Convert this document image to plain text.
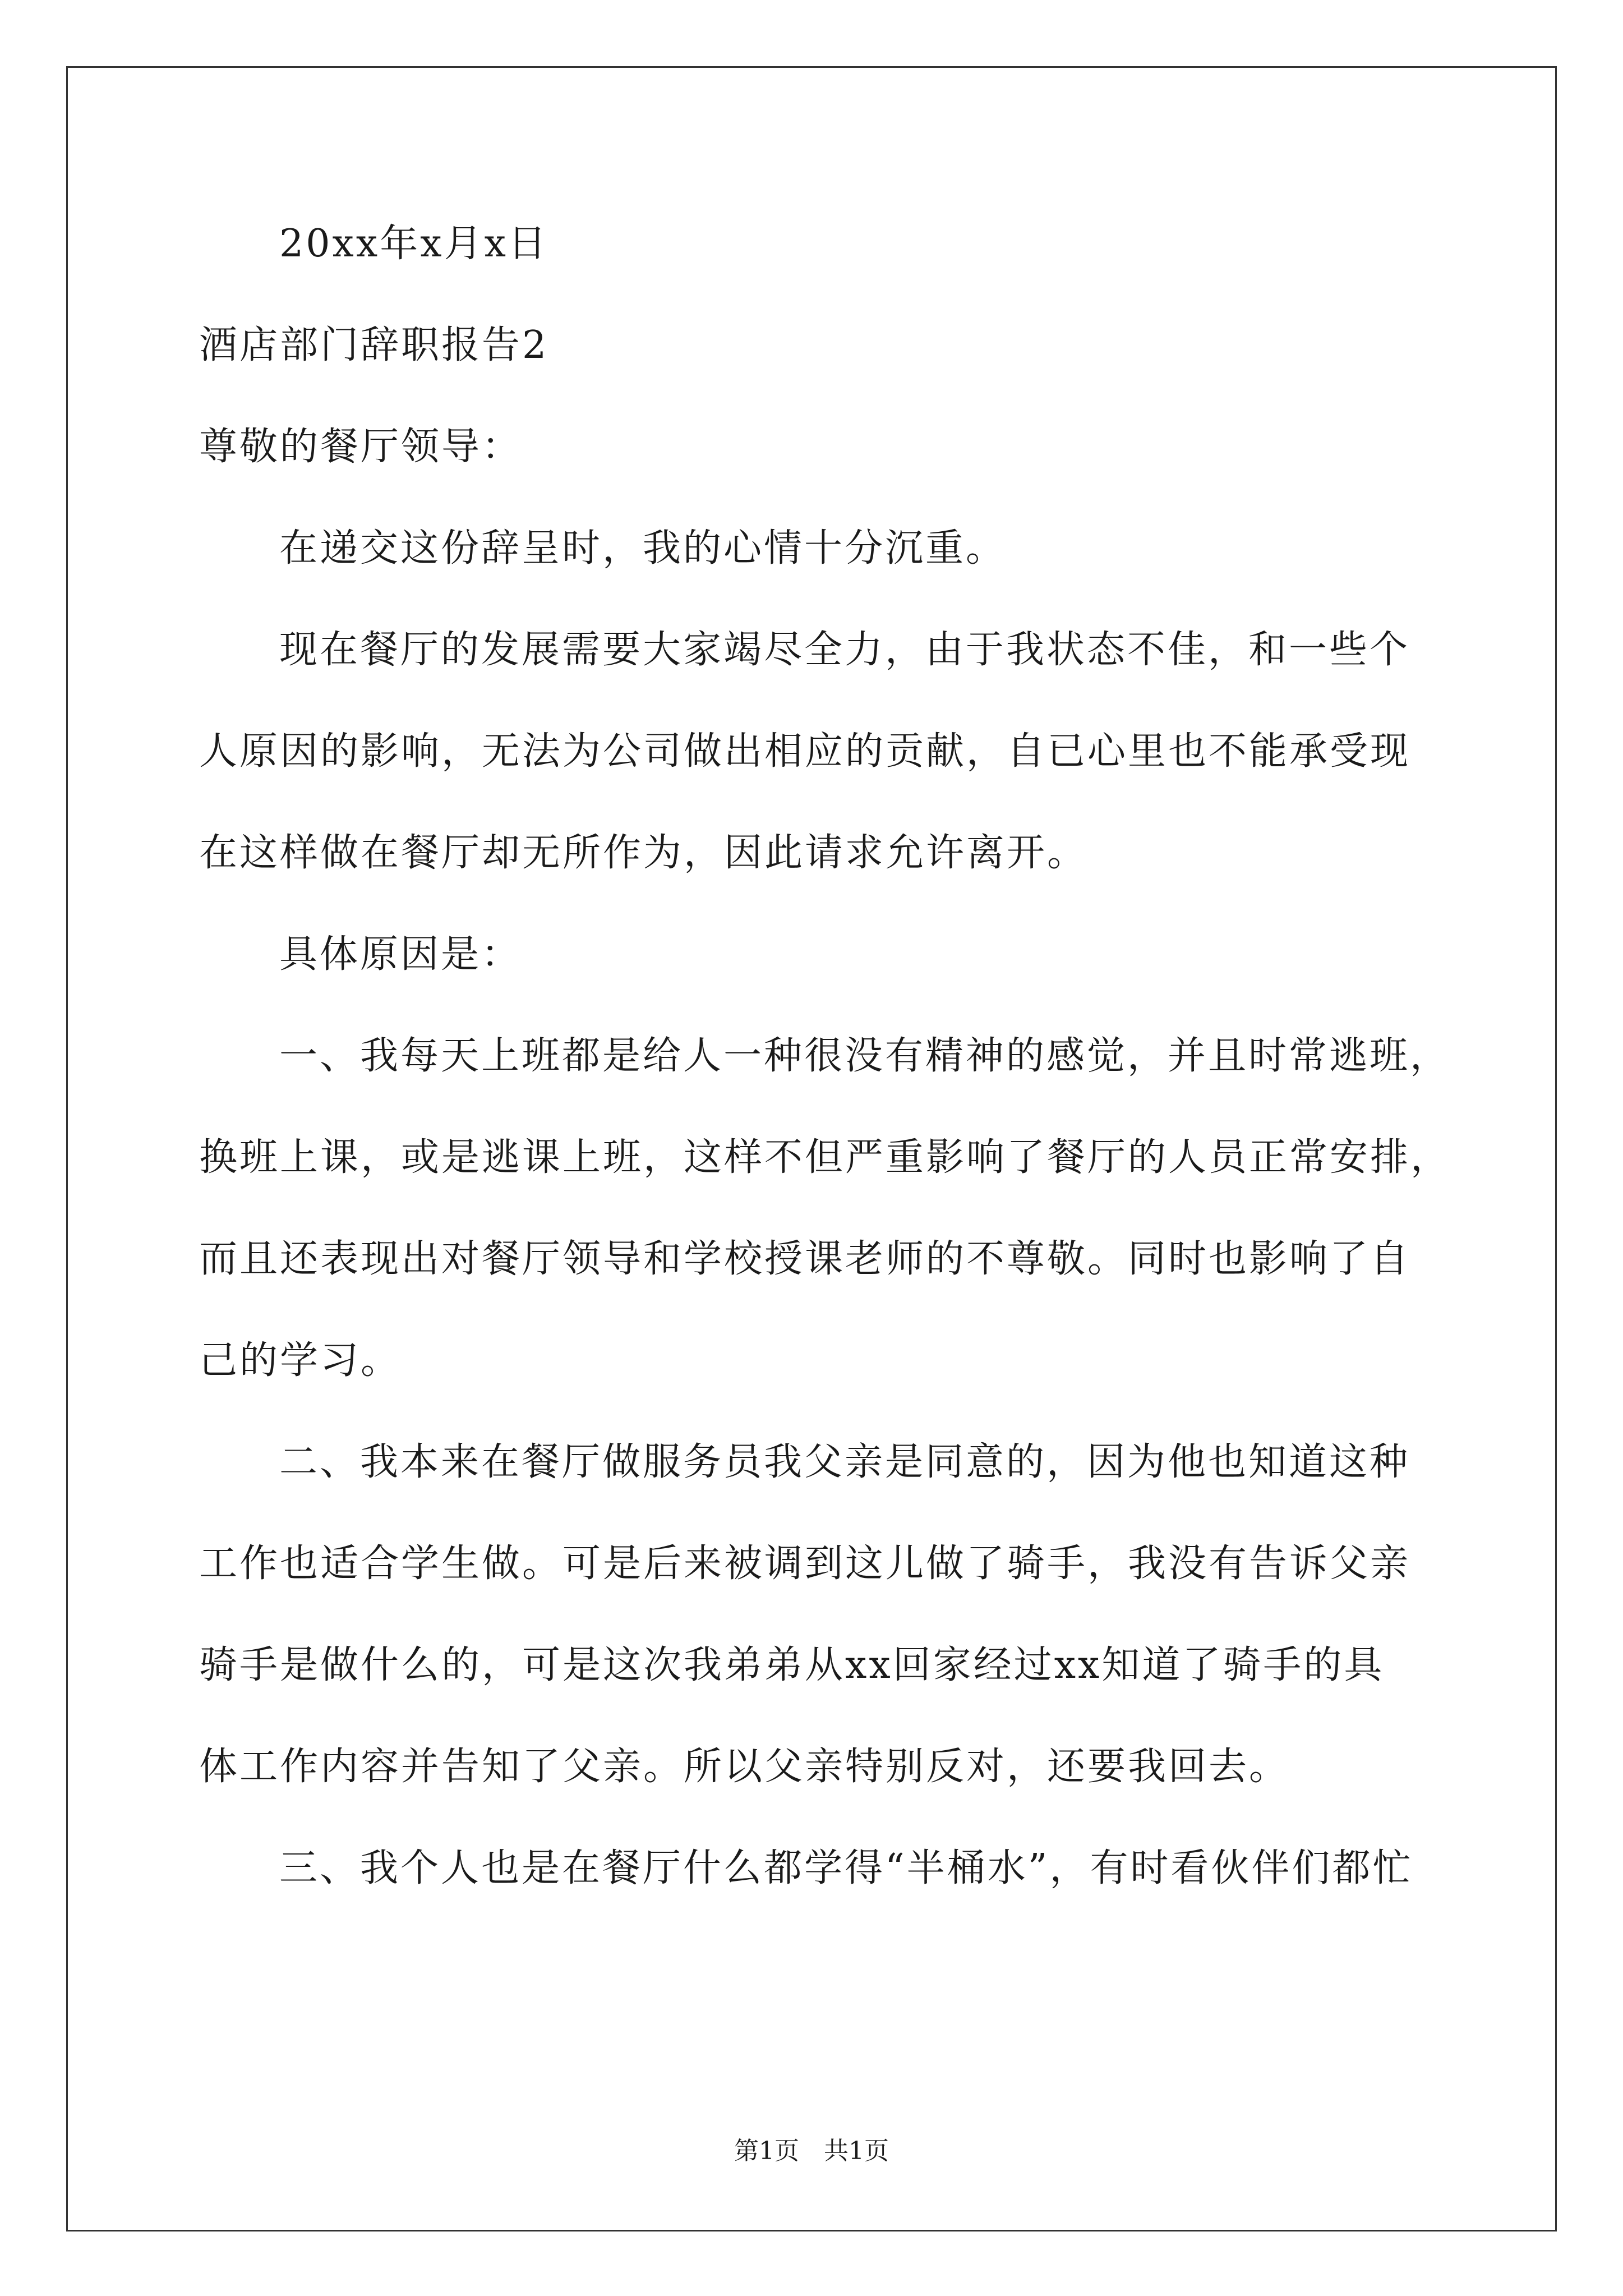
20xx年x月x日
酒店部门辞职报告2
尊敬的餐厅领导：
在递交这份辞呈时，我的心情十分沉重。
现在餐厅的发展需要大家竭尽全力，由于我状态不佳，和一些个
人原因的影响，无法为公司做出相应的贡献，自已心里也不能承受现
在这样做在餐厅却无所作为，因此请求允许离开。
具体原因是：
一、我每天上班都是给人一种很没有精神的感觉，并且时常逃班，
换班上课，或是逃课上班，这样不但严重影响了餐厅的人员正常安排，
而且还表现出对餐厅领导和学校授课老师的不尊敬。同时也影响了自
己的学习。
二、我本来在餐厅做服务员我父亲是同意的，因为他也知道这种
工作也适合学生做。可是后来被调到这儿做了骑手，我没有告诉父亲
骑手是做什么的，可是这次我弟弟从xx回家经过xx知道了骑手的具
体工作内容并告知了父亲。所以父亲特别反对，还要我回去。
三、我个人也是在餐厅什么都学得“半桶水”，有时看伙伴们都忙
第1页　共1页
